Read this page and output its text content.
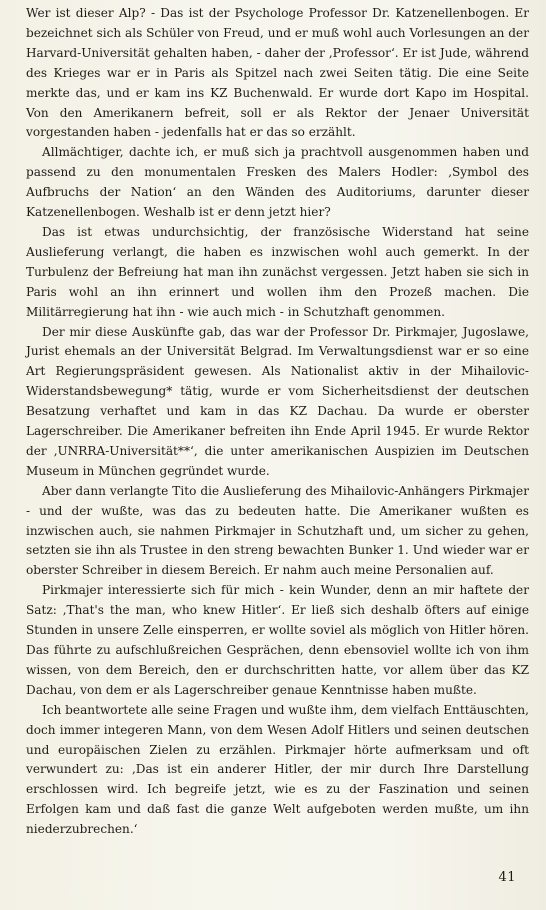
Wer ist dieser Alp? - Das ist der Psychologe Professor Dr. Katzenellenbogen. Er bezeichnet sich als Schüler von Freud, und er muß wohl auch Vorlesungen an der Harvard-Universität gehalten haben, - daher der ‚Professor‘. Er ist Jude, während des Krieges war er in Paris als Spitzel nach zwei Seiten tätig. Die eine Seite merkte das, und er kam ins KZ Buchenwald. Er wurde dort Kapo im Hospital. Von den Amerikanern befreit, soll er als Rektor der Jenaer Universität vorgestanden haben - jedenfalls hat er das so erzählt.

Allmächtiger, dachte ich, er muß sich ja prachtvoll ausgenommen haben und passend zu den monumentalen Fresken des Malers Hodler: ‚Symbol des Aufbruchs der Nation‘ an den Wänden des Auditoriums, darunter dieser Katzenellenbogen. Weshalb ist er denn jetzt hier?

Das ist etwas undurchsichtig, der französische Widerstand hat seine Auslieferung verlangt, die haben es inzwischen wohl auch gemerkt. In der Turbulenz der Befreiung hat man ihn zunächst vergessen. Jetzt haben sie sich in Paris wohl an ihn erinnert und wollen ihm den Prozeß machen. Die Militärregierung hat ihn - wie auch mich - in Schutzhaft genommen.

Der mir diese Auskünfte gab, das war der Professor Dr. Pirkmajer, Jugoslawe, Jurist ehemals an der Universität Belgrad. Im Verwaltungsdienst war er so eine Art Regierungspräsident gewesen. Als Nationalist aktiv in der Mihailovic-Widerstandsbewegung* tätig, wurde er vom Sicherheitsdienst der deutschen Besatzung verhaftet und kam in das KZ Dachau. Da wurde er oberster Lagerschreiber. Die Amerikaner befreiten ihn Ende April 1945. Er wurde Rektor der ‚UNRRA-Universität**‘, die unter amerikanischen Auspizien im Deutschen Museum in München gegründet wurde.

Aber dann verlangte Tito die Auslieferung des Mihailovic-Anhängers Pirkmajer - und der wußte, was das zu bedeuten hatte. Die Amerikaner wußten es inzwischen auch, sie nahmen Pirkmajer in Schutzhaft und, um sicher zu gehen, setzten sie ihn als Trustee in den streng bewachten Bunker 1. Und wieder war er oberster Schreiber in diesem Bereich. Er nahm auch meine Personalien auf.

Pirkmajer interessierte sich für mich - kein Wunder, denn an mir haftete der Satz: ‚That's the man, who knew Hitler‘. Er ließ sich deshalb öfters auf einige Stunden in unsere Zelle einsperren, er wollte soviel als möglich von Hitler hören. Das führte zu aufschlußreichen Gesprächen, denn ebensoviel wollte ich von ihm wissen, von dem Bereich, den er durchschritten hatte, vor allem über das KZ Dachau, von dem er als Lagerschreiber genaue Kenntnisse haben mußte.

Ich beantwortete alle seine Fragen und wußte ihm, dem vielfach Enttäuschten, doch immer integeren Mann, von dem Wesen Adolf Hitlers und seinen deutschen und europäischen Zielen zu erzählen. Pirkmajer hörte aufmerksam und oft verwundert zu: ‚Das ist ein anderer Hitler, der mir durch Ihre Darstellung erschlossen wird. Ich begreife jetzt, wie es zu der Faszination und seinen Erfolgen kam und daß fast die ganze Welt aufgeboten werden mußte, um ihn niederzubrechen.‘

41
